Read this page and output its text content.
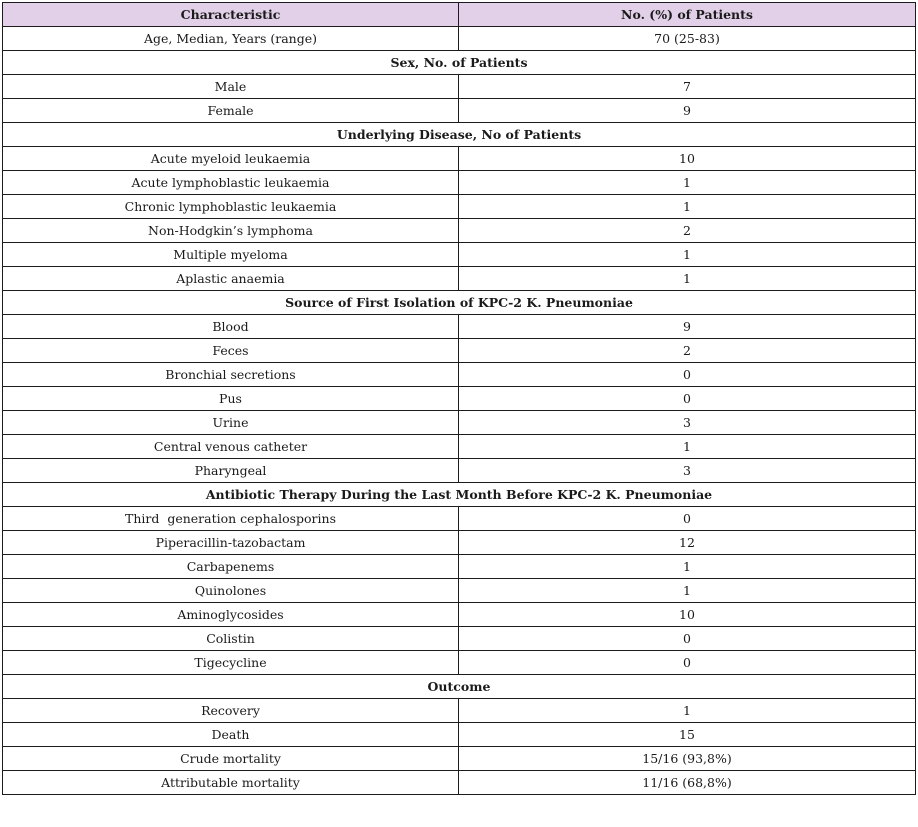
Characteristic	No. (%) of Patients
Age, Median, Years (range)	70 (25-83)
Sex, No. of Patients	
Male	7
Female	9
Underlying Disease, No of Patients	
Acute myeloid leukaemia	10
Acute lymphoblastic leukaemia	1
Chronic lymphoblastic leukaemia	1
Non-Hodgkin’s lymphoma	2
Multiple myeloma	1
Aplastic anaemia	1
Source of First Isolation of KPC-2 K. Pneumoniae	
Blood	9
Feces	2
Bronchial secretions	0
Pus	0
Urine	3
Central venous catheter	1
Pharyngeal	3
Antibiotic Therapy During the Last Month Before KPC-2 K. Pneumoniae	
Third  generation cephalosporins	0
Piperacillin-tazobactam	12
Carbapenems	1
Quinolones	1
Aminoglycosides	10
Colistin	0
Tigecycline	0
Outcome	
Recovery	1
Death	15
Crude mortality	15/16 (93,8%)
Attributable mortality	11/16 (68,8%)
